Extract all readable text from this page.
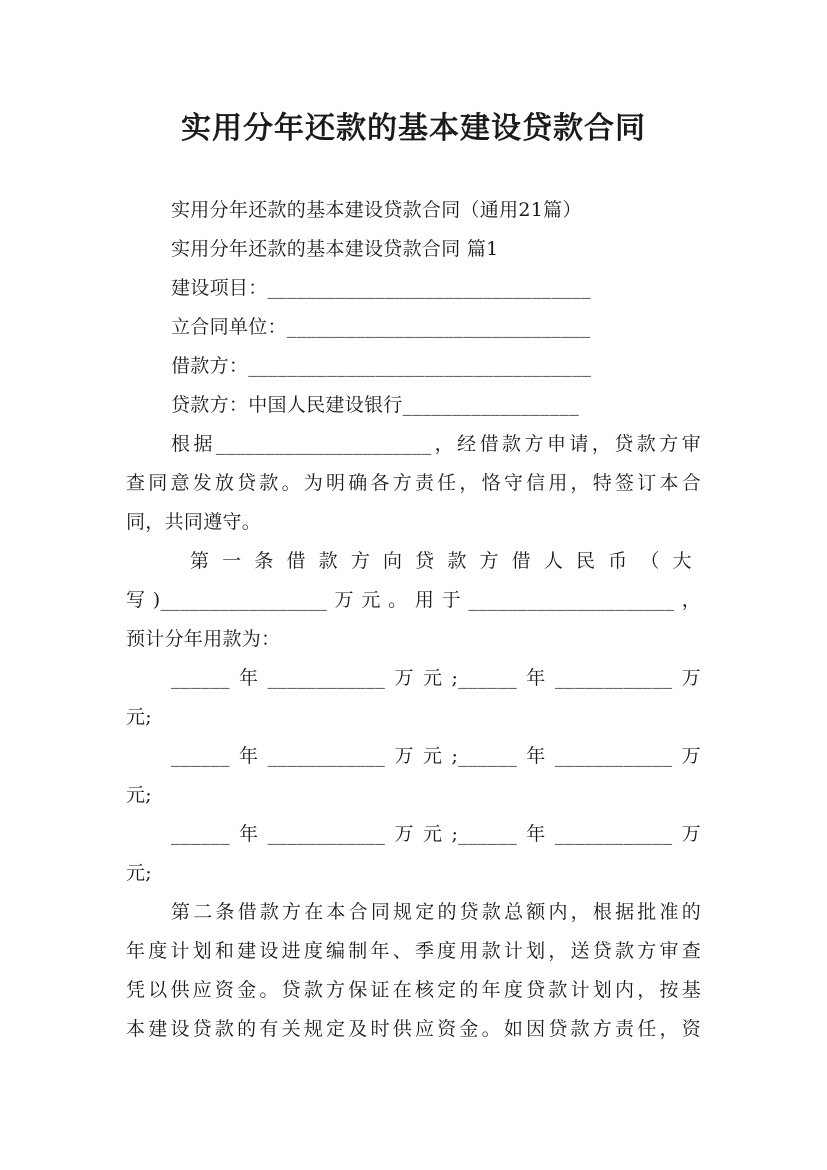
实用分年还款的基本建设贷款合同
实用分年还款的基本建设贷款合同（通用21篇）
实用分年还款的基本建设贷款合同 篇1
建设项目：_________________________________
立合同单位：_______________________________
借款方：___________________________________
贷款方：中国人民建设银行__________________
根据______________________，经借款方申请，贷款方审
查同意发放贷款。为明确各方责任，恪守信用，特签订本合
同，共同遵守。
第一条借款方向贷款方借人民币（大
写)_________________万元。用于_____________________，
预计分年用款为：
______年____________万元;______年____________万
元;
______年____________万元;______年____________万
元;
______年____________万元;______年____________万
元;
第二条借款方在本合同规定的贷款总额内，根据批准的
年度计划和建设进度编制年、季度用款计划，送贷款方审查
凭以供应资金。贷款方保证在核定的年度贷款计划内，按基
本建设贷款的有关规定及时供应资金。如因贷款方责任，资
